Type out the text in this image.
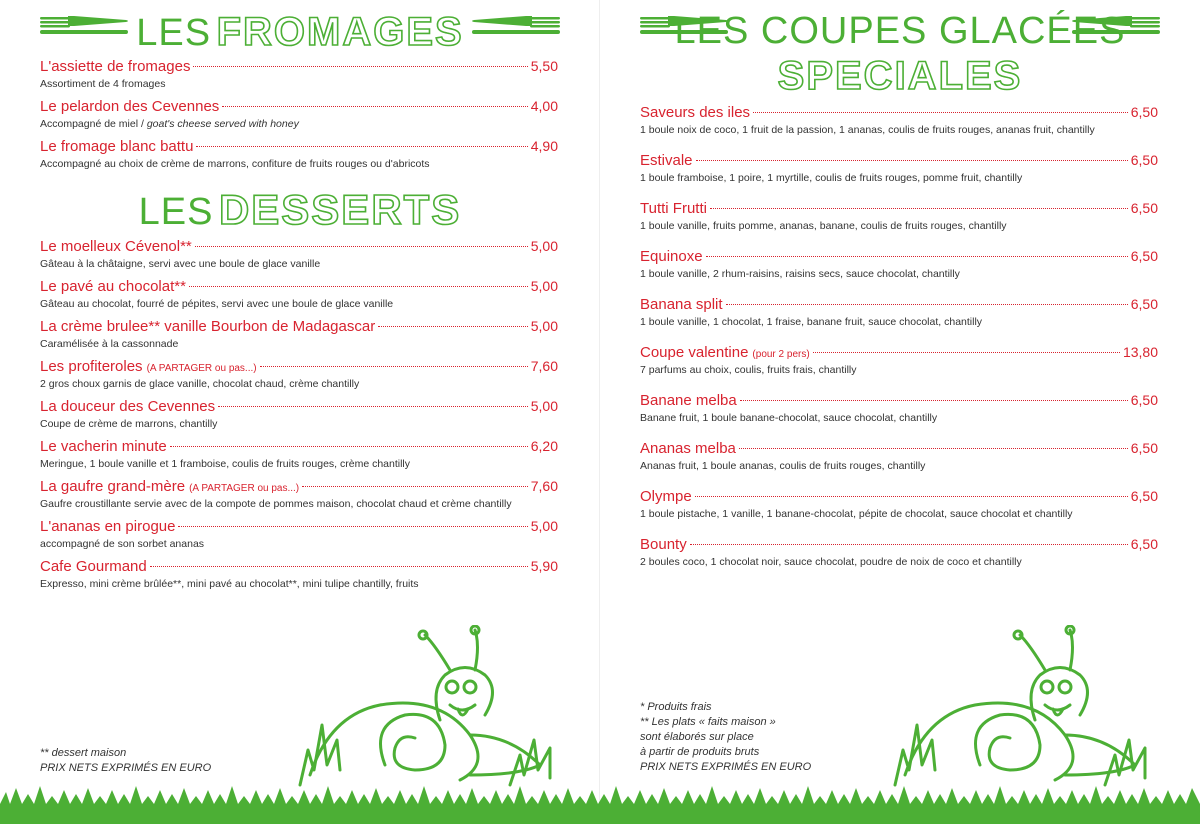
LES FROMAGES
L'assiette de fromages	5,50
Assortiment de 4 fromages
Le pelardon des Cevennes	4,00
Accompagné de miel / goat's cheese served with honey
Le fromage blanc battu	4,90
Accompagné au choix de crème de marrons, confiture de fruits rouges ou d'abricots
LES DESSERTS
Le moelleux Cévenol**	5,00
Gâteau à la châtaigne, servi avec une boule de glace vanille
Le pavé au chocolat**	5,00
Gâteau au chocolat, fourré de pépites, servi avec une boule de glace vanille
La crème brulee** vanille Bourbon de Madagascar	5,00
Caramélisée à la cassonnade
Les profiteroles (A PARTAGER ou pas...)	7,60
2 gros choux garnis de glace vanille, chocolat chaud, crème chantilly
La douceur des Cevennes	5,00
Coupe de crème de marrons, chantilly
Le vacherin minute	6,20
Meringue, 1 boule vanille et 1 framboise, coulis de fruits rouges, crème chantilly
La gaufre grand-mère (A PARTAGER ou pas...)	7,60
Gaufre croustillante servie avec de la compote de pommes maison, chocolat chaud et crème chantilly
L'ananas en pirogue	5,00
accompagné de son sorbet ananas
Cafe Gourmand	5,90
Expresso, mini crème brûlée**, mini pavé au chocolat**, mini tulipe chantilly, fruits
** dessert maison
PRIX NETS EXPRIMÉS EN EURO
LES COUPES GLACÉES
SPECIALES
Saveurs des iles	6,50
1 boule noix de coco, 1 fruit de la passion, 1 ananas, coulis de fruits rouges, ananas fruit, chantilly
Estivale	6,50
1 boule framboise, 1 poire, 1 myrtille, coulis de fruits rouges, pomme fruit, chantilly
Tutti Frutti	6,50
1 boule vanille, fruits pomme, ananas, banane, coulis de fruits rouges, chantilly
Equinoxe	6,50
1 boule vanille, 2 rhum-raisins, raisins secs, sauce chocolat, chantilly
Banana split	6,50
1 boule vanille, 1 chocolat, 1 fraise, banane fruit, sauce chocolat, chantilly
Coupe valentine (pour 2 pers)	13,80
7 parfums au choix, coulis, fruits frais, chantilly
Banane melba	6,50
Banane fruit, 1 boule banane-chocolat, sauce chocolat, chantilly
Ananas melba	6,50
Ananas fruit, 1 boule ananas, coulis de fruits rouges, chantilly
Olympe	6,50
1 boule pistache, 1 vanille, 1 banane-chocolat, pépite de chocolat, sauce chocolat et chantilly
Bounty	6,50
2 boules coco, 1 chocolat noir, sauce chocolat, poudre de noix de coco et chantilly
* Produits frais
** Les plats « faits maison »
sont élaborés sur place
à partir de produits bruts
PRIX NETS EXPRIMÉS EN EURO
